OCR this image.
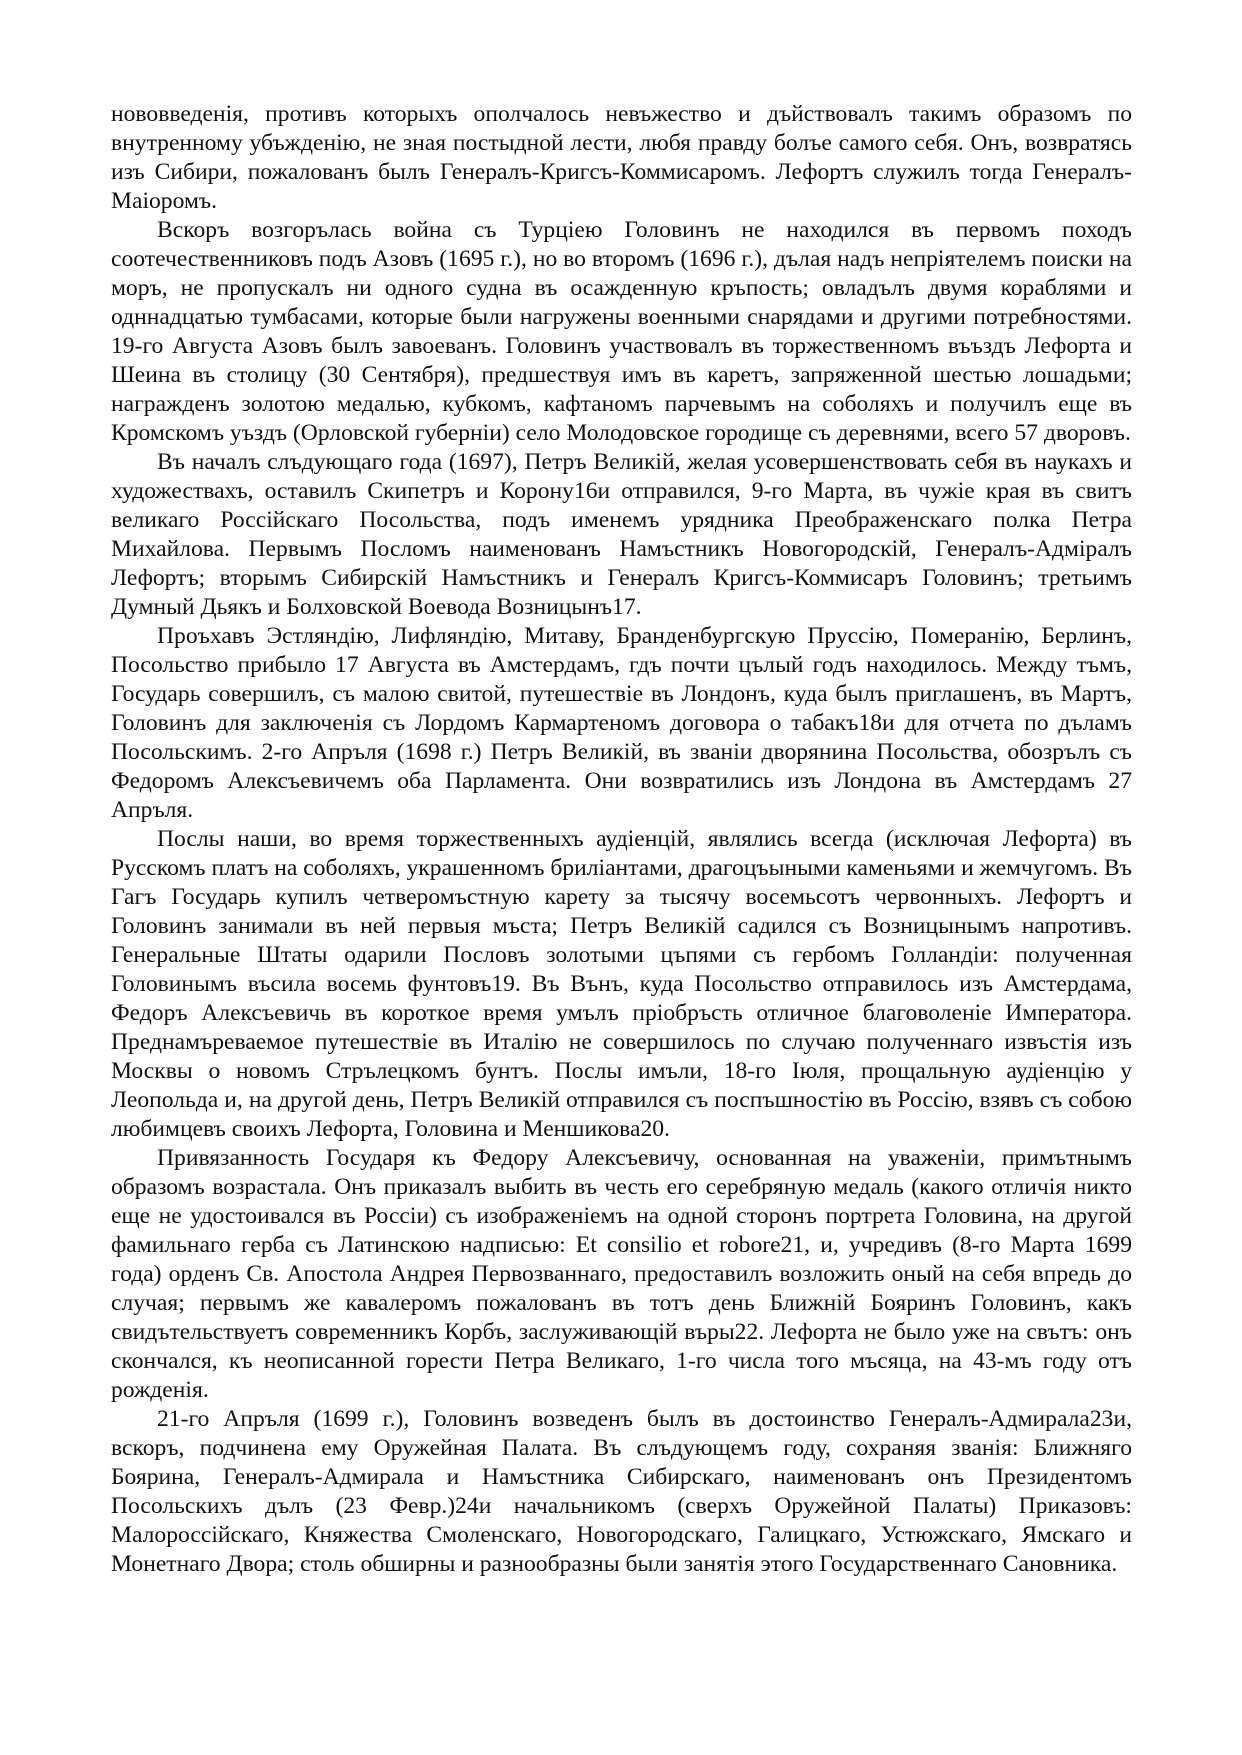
нововведенія, противъ которыхъ ополчалось невъжество и дъйствовалъ такимъ образомъ по внутренному убъжденію, не зная постыдной лести, любя правду болъе самого себя. Онъ, возвратясь изъ Сибири, пожалованъ былъ Генералъ-Кригсъ-Коммисаромъ. Лефортъ служилъ тогда Генералъ-Маіоромъ.

Вскоръ возгорълась война съ Турціею Головинъ не находился въ первомъ походъ соотечественниковъ подъ Азовъ (1695 г.), но во второмъ (1696 г.), дълая надъ непріятелемъ поиски на моръ, не пропускалъ ни одного судна въ осажденную кръпость; овладълъ двумя кораблями и одннадцатью тумбасами, которые были нагружены военными снарядами и другими потребностями. 19-го Августа Азовъ былъ завоеванъ. Головинъ участвовалъ въ торжественномъ въъздъ Лефорта и Шеина въ столицу (30 Сентября), предшествуя имъ въ каретъ, запряженной шестью лошадьми; награжденъ золотою медалью, кубкомъ, кафтаномъ парчевымъ на соболяхъ и получилъ еще въ Кромскомъ уъздъ (Орловской губерніи) село Молодовское городище съ деревнями, всего 57 дворовъ.

Въ началъ слъдующаго года (1697), Петръ Великій, желая усовершенствовать себя въ наукахъ и художествахъ, оставилъ Скипетръ и Корону16и отправился, 9-го Марта, въ чужіе края въ свитъ великаго Россійскаго Посольства, подъ именемъ урядника Преображенскаго полка Петра Михайлова. Первымъ Посломъ наименованъ Намъстникъ Новогородскій, Генералъ-Адміралъ Лефортъ; вторымъ Сибирскій Намъстникъ и Генералъ Кригсъ-Коммисаръ Головинъ; третьимъ Думный Дьякъ и Болховской Воевода Возницынъ17.

Проъхавъ Эстляндію, Лифляндію, Митаву, Бранденбургскую Пруссію, Померанію, Берлинъ, Посольство прибыло 17 Августа въ Амстердамъ, гдъ почти цълый годъ находилось. Между тъмъ, Государь совершилъ, съ малою свитой, путешествіе въ Лондонъ, куда былъ приглашенъ, въ Мартъ, Головинъ для заключенія съ Лордомъ Кармартеномъ договора о табакъ18и для отчета по дъламъ Посольскимъ. 2-го Апръля (1698 г.) Петръ Великій, въ званіи дворянина Посольства, обозрълъ съ Федоромъ Алексъевичемъ оба Парламента. Они возвратились изъ Лондона въ Амстердамъ 27 Апръля.

Послы наши, во время торжественныхъ аудіенцій, являлись всегда (исключая Лефорта) въ Русскомъ платъ на соболяхъ, украшенномъ бриліантами, драгоцъыными каменьями и жемчугомъ. Въ Гагъ Государь купилъ четверомъстную карету за тысячу восемьсотъ червонныхъ. Лефортъ и Головинъ занимали въ ней первыя мъста; Петръ Великій садился съ Возницынымъ напротивъ. Генеральные Штаты одарили Пословъ золотыми цъпями съ гербомъ Голландіи: полученная Головинымъ въсила восемь фунтовъ19. Въ Вънъ, куда Посольство отправилось изъ Амстердама, Федоръ Алексъевичь въ короткое время умълъ пріобръсть отличное благоволеніе Императора. Преднамъреваемое путешествіе въ Италію не совершилось по случаю полученнаго извъстія изъ Москвы о новомъ Стрълецкомъ бунтъ. Послы имъли, 18-го Іюля, прощальную аудіенцію у Леопольда и, на другой день, Петръ Великій отправился съ поспъшностію въ Россію, взявъ съ собою любимцевъ своихъ Лефорта, Головина и Меншикова20.

Привязанность Государя къ Федору Алексъевичу, основанная на уваженіи, примътнымъ образомъ возрастала. Онъ приказалъ выбить въ честь его серебряную медаль (какого отличія никто еще не удостоивался въ Россіи) съ изображеніемъ на одной сторонъ портрета Головина, на другой фамильнаго герба съ Латинскою надписью: Et consilio et robore21, и, учредивъ (8-го Марта 1699 года) орденъ Св. Апостола Андрея Первозваннаго, предоставилъ возложить оный на себя впредь до случая; первымъ же кавалеромъ пожалованъ въ тотъ день Ближній Бояринъ Головинъ, какъ свидътельствуетъ современникъ Корбъ, заслуживающій въры22. Лефорта не было уже на свътъ: онъ скончался, къ неописанной горести Петра Великаго, 1-го числа того мъсяца, на 43-мъ году отъ рожденія.

21-го Апръля (1699 г.), Головинъ возведенъ былъ въ достоинство Генералъ-Адмирала23и, вскоръ, подчинена ему Оружейная Палата. Въ слъдующемъ году, сохраняя званія: Ближняго Боярина, Генералъ-Адмирала и Намъстника Сибирскаго, наименованъ онъ Президентомъ Посольскихъ дълъ (23 Февр.)24и начальникомъ (сверхъ Оружейной Палаты) Приказовъ: Малороссійскаго, Княжества Смоленскаго, Новогородскаго, Галицкаго, Устюжскаго, Ямскаго и Монетнаго Двора; столь обширны и разнообразны были занятія этого Государственнаго Сановника.
